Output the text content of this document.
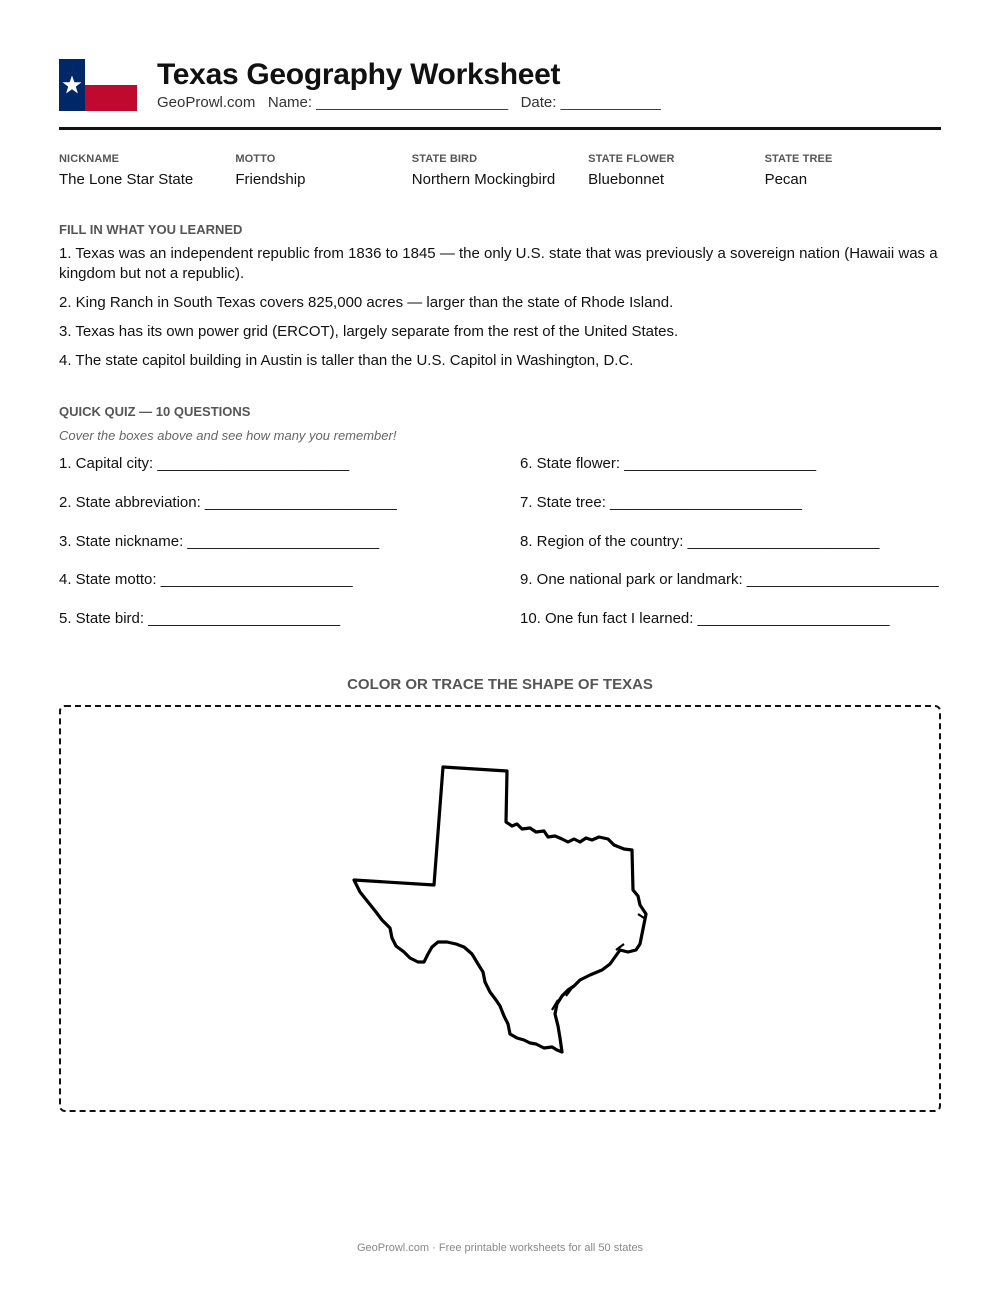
Texas Geography Worksheet
GeoProwl.com   Name: _______________________   Date: ____________
NICKNAME
The Lone Star State
MOTTO
Friendship
STATE BIRD
Northern Mockingbird
STATE FLOWER
Bluebonnet
STATE TREE
Pecan
FILL IN WHAT YOU LEARNED

1. Texas was an independent republic from 1836 to 1845 — the only U.S. state that was previously a sovereign nation (Hawaii was a kingdom but not a republic).

2. King Ranch in South Texas covers 825,000 acres — larger than the state of Rhode Island.

3. Texas has its own power grid (ERCOT), largely separate from the rest of the United States.

4. The state capitol building in Austin is taller than the U.S. Capitol in Washington, D.C.

QUICK QUIZ — 10 QUESTIONS
Cover the boxes above and see how many you remember!
1. Capital city: _______________________
2. State abbreviation: _______________________
3. State nickname: _______________________
4. State motto: _______________________
5. State bird: _______________________
6. State flower: _______________________
7. State tree: _______________________
8. Region of the country: _______________________
9. One national park or landmark: _______________________
10. One fun fact I learned: _______________________
COLOR OR TRACE THE SHAPE OF TEXAS
GeoProwl.com · Free printable worksheets for all 50 states
